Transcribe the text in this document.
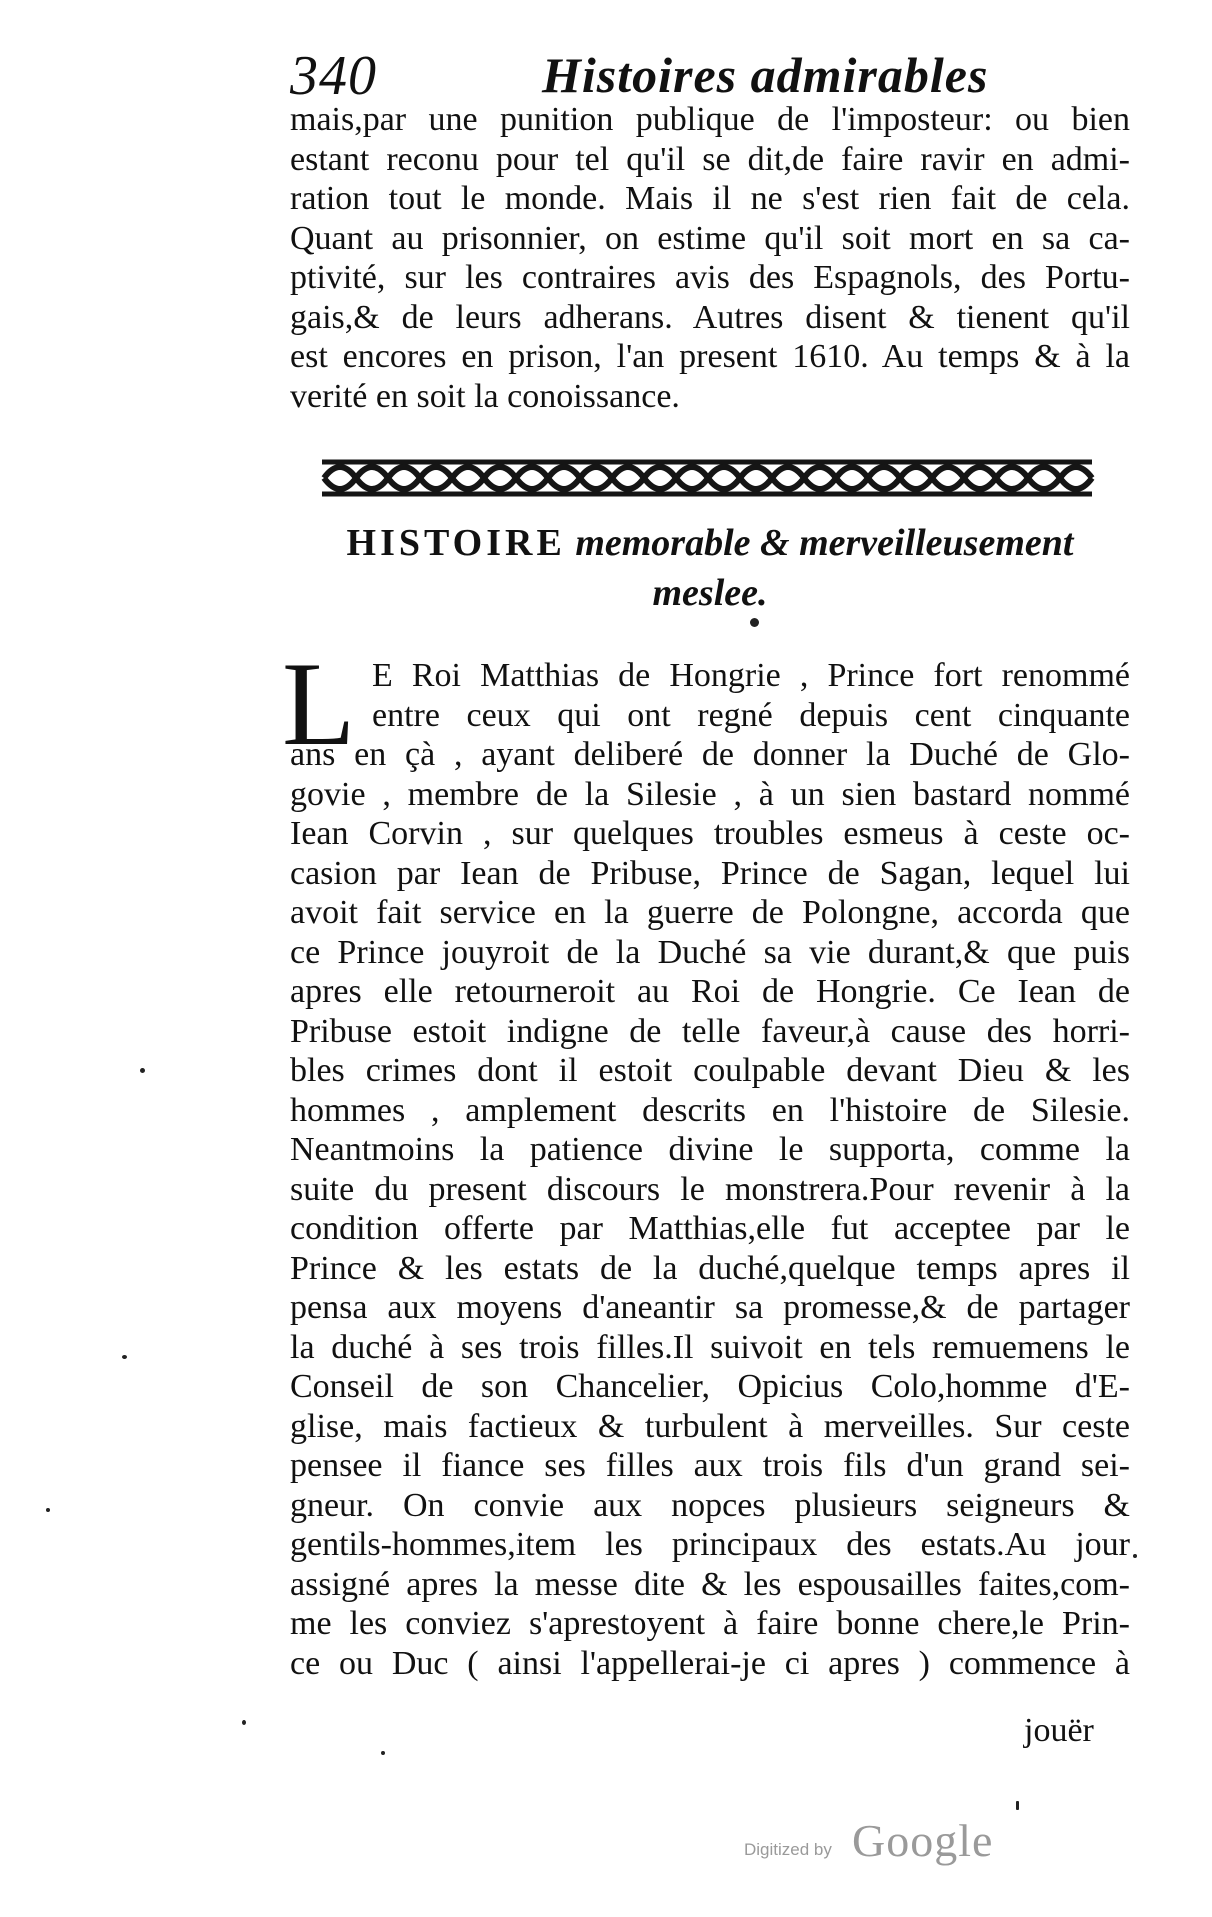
340	Histoires admirables
mais,par une punition publique de l'imposteur: ou bien
estant reconu pour tel qu'il se dit,de faire ravir en admi-
ration tout le monde. Mais il ne s'est rien fait de cela.
Quant au prisonnier, on estime qu'il soit mort en sa ca-
ptivité, sur les contraires avis des Espagnols, des Portu-
gais,& de leurs adherans. Autres disent & tienent qu'il
est encores en prison, l'an present 1610. Au temps & à la
verité en soit la conoissance.
HISTOIRE memorable & merveilleusement
meslee.
L E Roi Matthias de Hongrie , Prince fort renommé
entre ceux qui ont regné depuis cent cinquante
ans en çà , ayant deliberé de donner la Duché de Glo-
govie , membre de la Silesie , à un sien bastard nommé
Iean Corvin , sur quelques troubles esmeus à ceste oc-
casion par Iean de Pribuse, Prince de Sagan, lequel lui
avoit fait service en la guerre de Polongne, accorda que
ce Prince jouyroit de la Duché sa vie durant,& que puis
apres elle retourneroit au Roi de Hongrie. Ce Iean de
Pribuse estoit indigne de telle faveur,à cause des horri-
bles crimes dont il estoit coulpable devant Dieu & les
hommes , amplement descrits en l'histoire de Silesie.
Neantmoins la patience divine le supporta, comme la
suite du present discours le monstrera.Pour revenir à la
condition offerte par Matthias,elle fut acceptee par le
Prince & les estats de la duché,quelque temps apres il
pensa aux moyens d'aneantir sa promesse,& de partager
la duché à ses trois filles.Il suivoit en tels remuemens le
Conseil de son Chancelier, Opicius Colo,homme d'E-
glise, mais factieux & turbulent à merveilles. Sur ceste
pensee il fiance ses filles aux trois fils d'un grand sei-
gneur. On convie aux nopces plusieurs seigneurs &
gentils-hommes,item les principaux des estats.Au jour
assigné apres la messe dite & les espousailles faites,com-
me les conviez s'aprestoyent à faire bonne chere,le Prin-
ce ou Duc ( ainsi l'appellerai-je ci apres ) commence à
jouër
Digitized by Google
